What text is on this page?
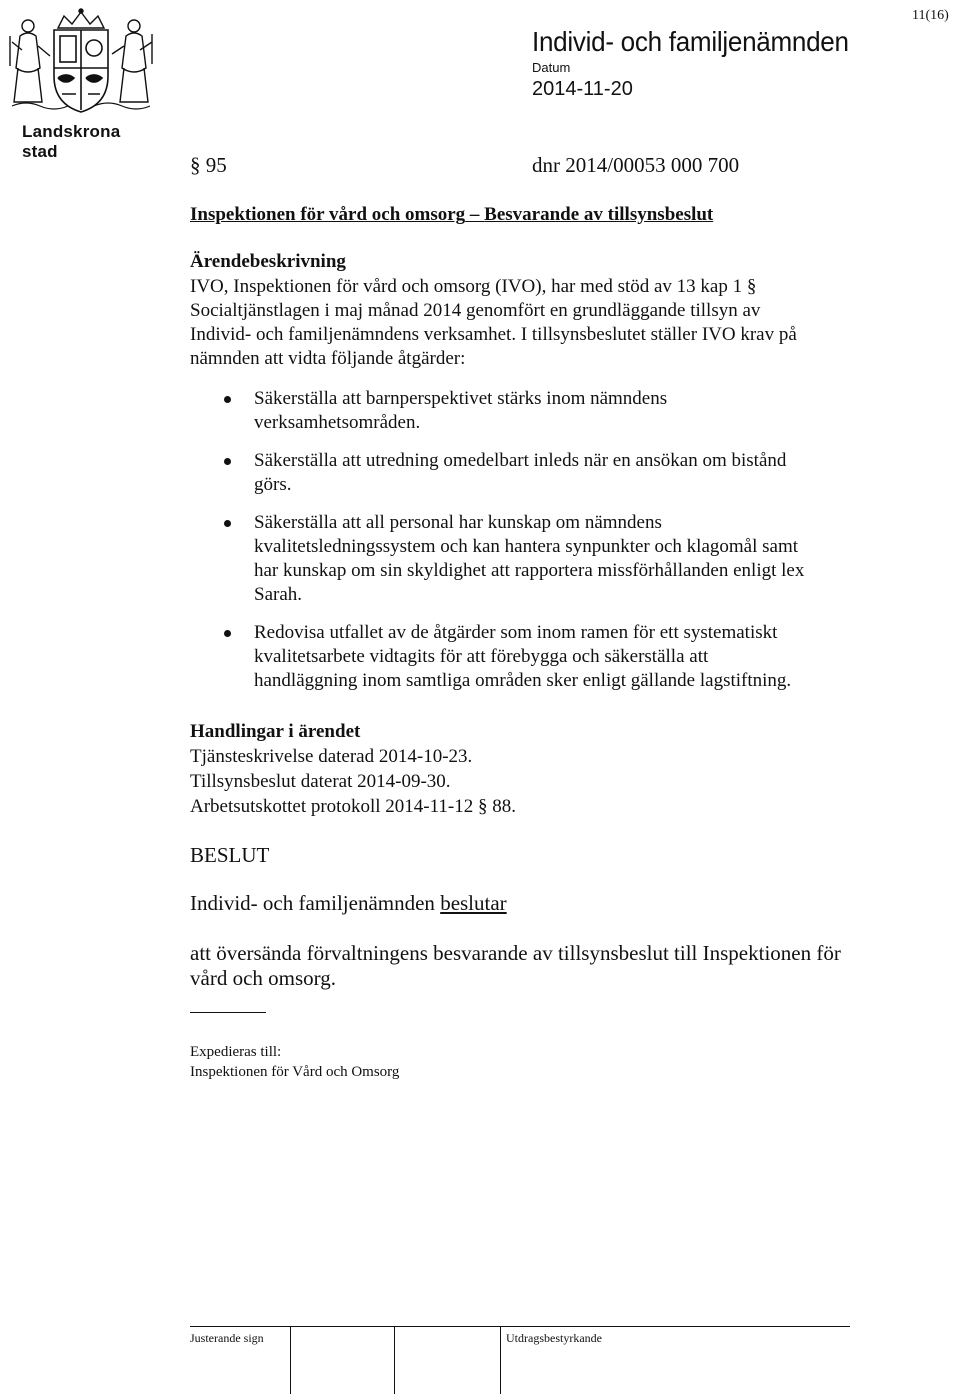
Landskrona stad
11(16)
Individ- och familjenämnden
Datum
2014-11-20
§ 95	dnr 2014/00053 000 700
Inspektionen för vård och omsorg – Besvarande av tillsynsbeslut
Ärendebeskrivning
IVO, Inspektionen för vård och omsorg (IVO), har med stöd av 13 kap 1 §
Socialtjänstlagen i maj månad 2014 genomfört en grundläggande tillsyn av
Individ- och familjenämndens verksamhet. I tillsynsbeslutet ställer IVO krav på
nämnden att vidta följande åtgärder:
Säkerställa att barnperspektivet stärks inom nämndens
verksamhetsområden.
Säkerställa att utredning omedelbart inleds när en ansökan om bistånd
görs.
Säkerställa att all personal har kunskap om nämndens
kvalitetsledningssystem och kan hantera synpunkter och klagomål samt
har kunskap om sin skyldighet att rapportera missförhållanden enligt lex
Sarah.
Redovisa utfallet av de åtgärder som inom ramen för ett systematiskt
kvalitetsarbete vidtagits för att förebygga och säkerställa att
handläggning inom samtliga områden sker enligt gällande lagstiftning.
Handlingar i ärendet
Tjänsteskrivelse daterad 2014-10-23.
Tillsynsbeslut daterat 2014-09-30.
Arbetsutskottet protokoll 2014-11-12 § 88.
BESLUT
Individ- och familjenämnden beslutar
att översända förvaltningens besvarande av tillsynsbeslut till Inspektionen för
vård och omsorg.
Expedieras till:
Inspektionen för Vård och Omsorg
Justerande sign	Utdragsbestyrkande
